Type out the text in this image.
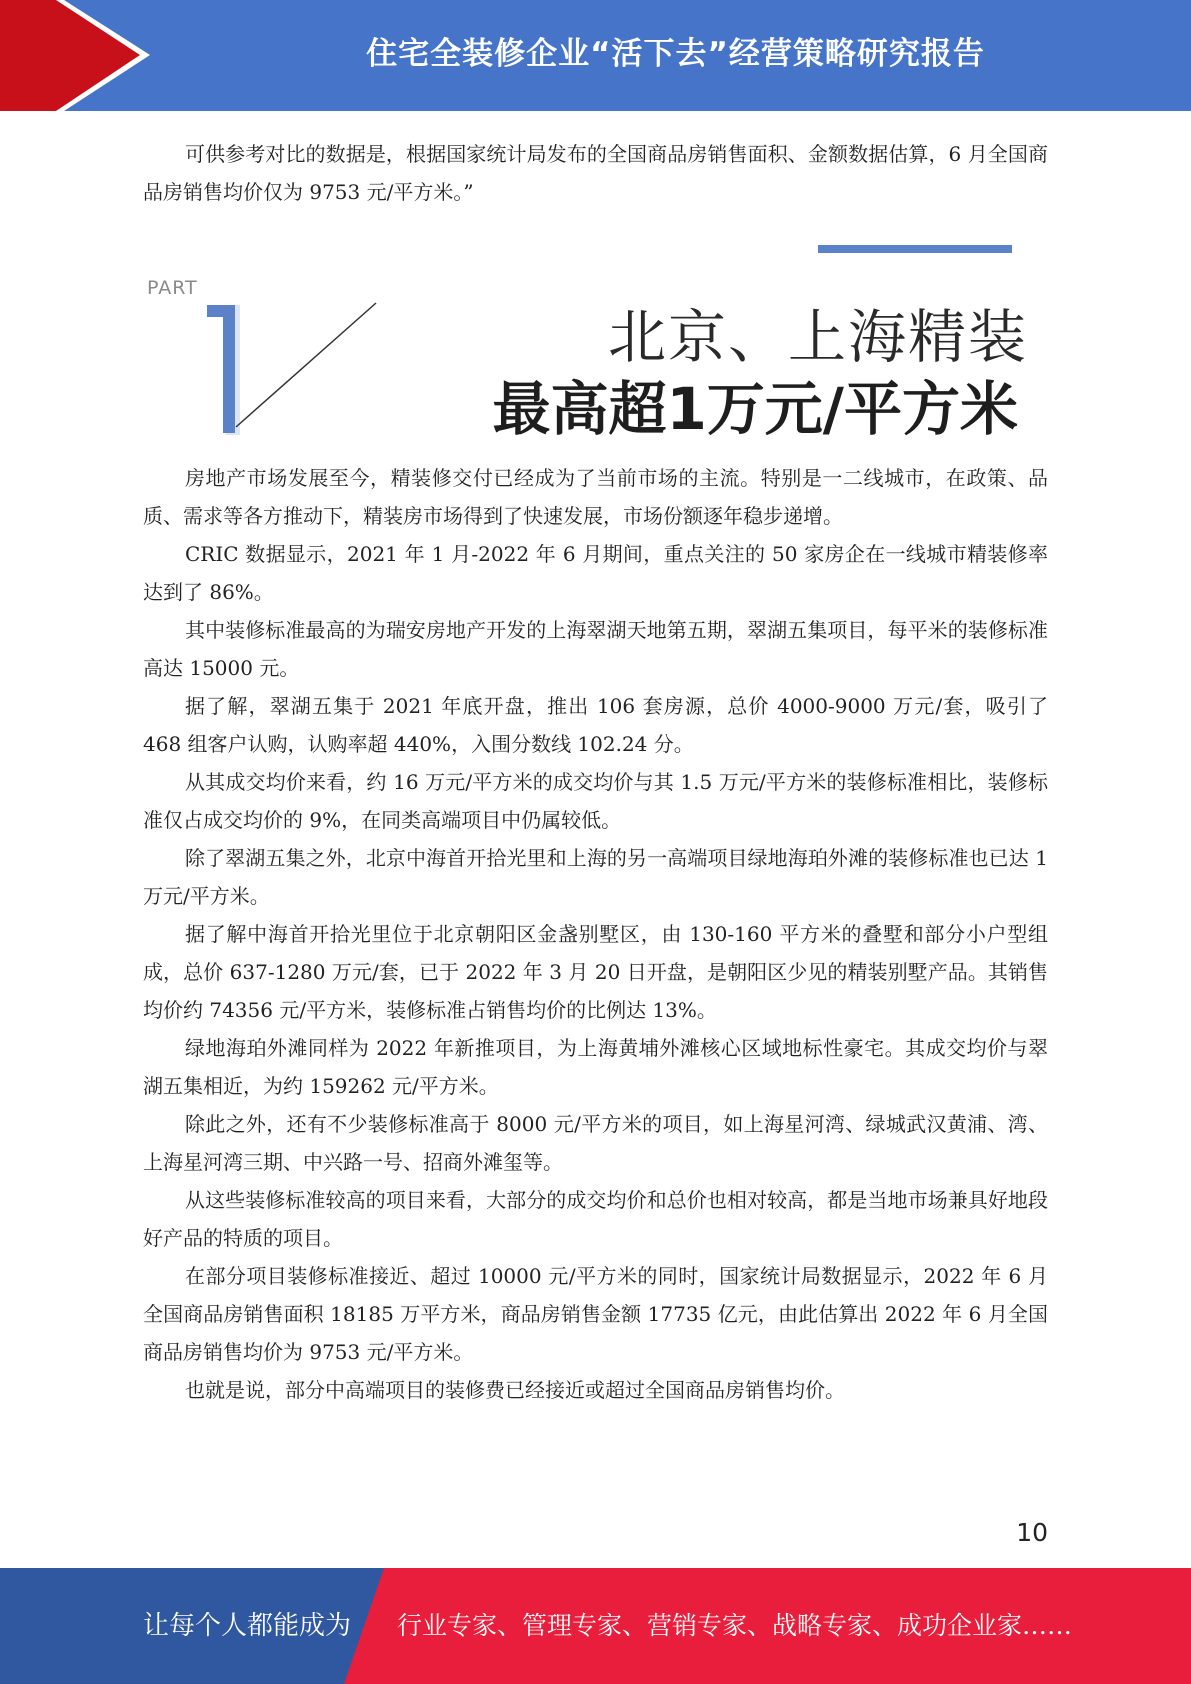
住宅全装修企业“活下去”经营策略研究报告

可供参考对比的数据是，根据国家统计局发布的全国商品房销售面积、金额数据估算，6 月全国商品房销售均价仅为 9753 元/平方米。”

PART
北京、上海精装
最高超1万元/平方米

房地产市场发展至今，精装修交付已经成为了当前市场的主流。特别是一二线城市，在政策、品质、需求等各方推动下，精装房市场得到了快速发展，市场份额逐年稳步递增。

CRIC 数据显示，2021 年 1 月-2022 年 6 月期间，重点关注的 50 家房企在一线城市精装修率达到了 86%。

其中装修标准最高的为瑞安房地产开发的上海翠湖天地第五期，翠湖五集项目，每平米的装修标准高达 15000 元。

据了解，翠湖五集于 2021 年底开盘，推出 106 套房源，总价 4000-9000 万元/套，吸引了 468 组客户认购，认购率超 440%，入围分数线 102.24 分。

从其成交均价来看，约 16 万元/平方米的成交均价与其 1.5 万元/平方米的装修标准相比，装修标准仅占成交均价的 9%，在同类高端项目中仍属较低。

除了翠湖五集之外，北京中海首开拾光里和上海的另一高端项目绿地海珀外滩的装修标准也已达 1 万元/平方米。

据了解中海首开拾光里位于北京朝阳区金盏别墅区，由 130-160 平方米的叠墅和部分小户型组成，总价 637-1280 万元/套，已于 2022 年 3 月 20 日开盘，是朝阳区少见的精装别墅产品。其销售均价约 74356 元/平方米，装修标准占销售均价的比例达 13%。

绿地海珀外滩同样为 2022 年新推项目，为上海黄埔外滩核心区域地标性豪宅。其成交均价与翠湖五集相近，为约 159262 元/平方米。

除此之外，还有不少装修标准高于 8000 元/平方米的项目，如上海星河湾、绿城武汉黄浦、湾、上海星河湾三期、中兴路一号、招商外滩玺等。

从这些装修标准较高的项目来看，大部分的成交均价和总价也相对较高，都是当地市场兼具好地段好产品的特质的项目。

在部分项目装修标准接近、超过 10000 元/平方米的同时，国家统计局数据显示，2022 年 6 月全国商品房销售面积 18185 万平方米，商品房销售金额 17735 亿元，由此估算出 2022 年 6 月全国商品房销售均价为 9753 元/平方米。

也就是说，部分中高端项目的装修费已经接近或超过全国商品房销售均价。

10
让每个人都能成为 行业专家、管理专家、营销专家、战略专家、成功企业家……
